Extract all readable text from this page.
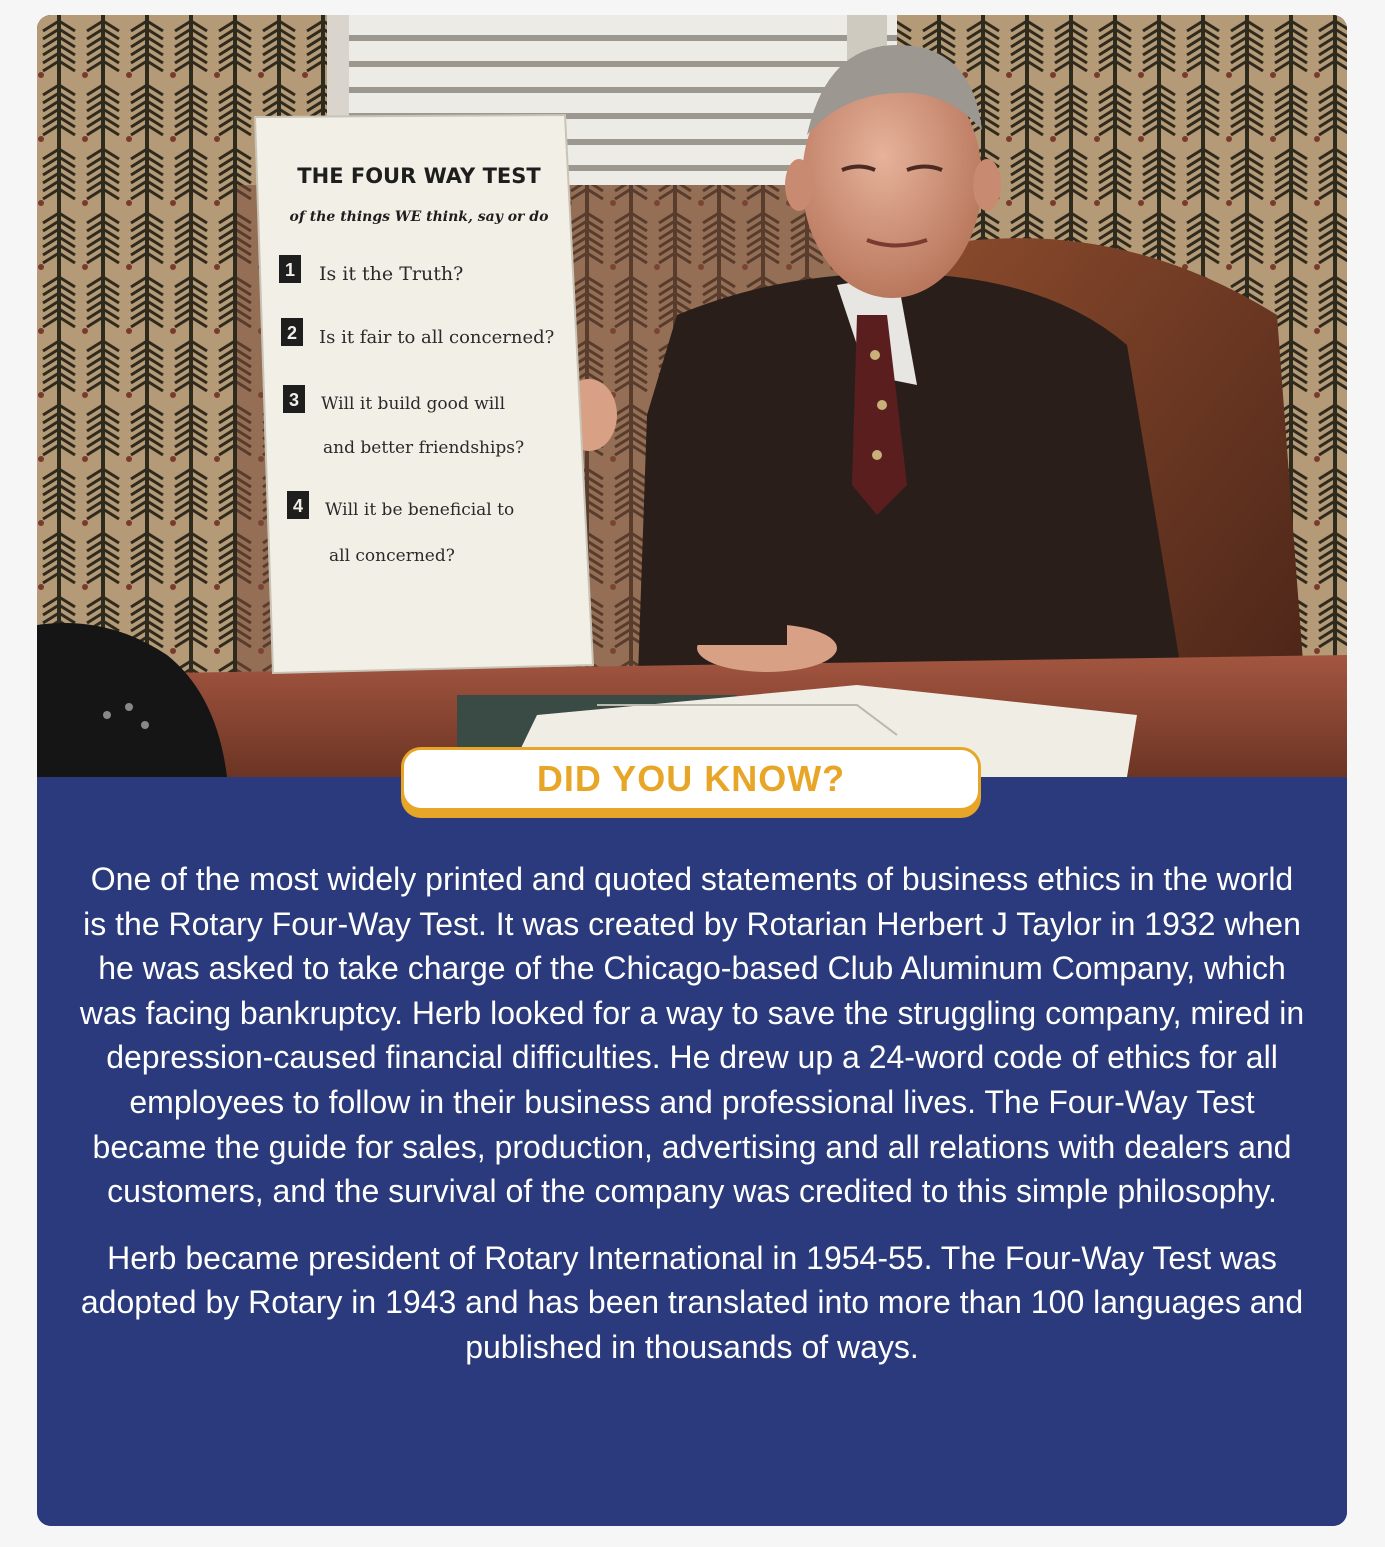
THE FOUR WAY TEST
of the things WE think, say or do
1 Is it the Truth?
2 Is it fair to all concerned?
3 Will it build good will
and better friendships?
4 Will it be beneficial to
all concerned?
DID YOU KNOW?

One of the most widely printed and quoted statements of business ethics in the world is the Rotary Four-Way Test. It was created by Rotarian Herbert J Taylor in 1932 when he was asked to take charge of the Chicago-based Club Aluminum Company, which was facing bankruptcy. Herb looked for a way to save the struggling company, mired in depression-caused financial difficulties. He drew up a 24-word code of ethics for all employees to follow in their business and professional lives. The Four-Way Test became the guide for sales, production, advertising and all relations with dealers and customers, and the survival of the company was credited to this simple philosophy.

Herb became president of Rotary International in 1954-55. The Four-Way Test was adopted by Rotary in 1943 and has been translated into more than 100 languages and published in thousands of ways.
